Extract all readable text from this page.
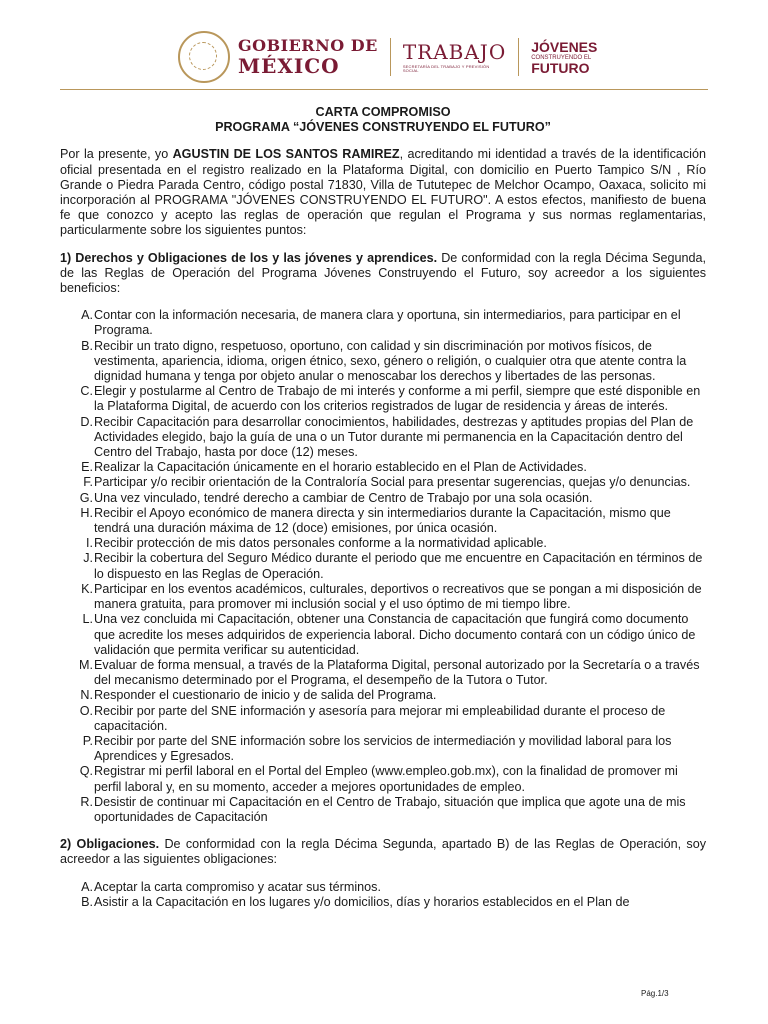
GOBIERNO DE
MÉXICO
TRABAJO
SECRETARÍA DEL TRABAJO Y PREVISIÓN SOCIAL
JÓVENES
CONSTRUYENDO EL
FUTURO

CARTA COMPROMISO

PROGRAMA “JÓVENES CONSTRUYENDO EL FUTURO”

Por la presente, yo AGUSTIN DE LOS SANTOS RAMIREZ, acreditando mi identidad a través de la identificación oficial presentada en el registro realizado en la Plataforma Digital, con domicilio en Puerto Tampico S/N , Río Grande o Piedra Parada Centro, código postal 71830, Villa de Tututepec de Melchor Ocampo, Oaxaca, solicito mi incorporación al PROGRAMA "JÓVENES CONSTRUYENDO EL FUTURO". A estos efectos, manifiesto de buena fe que conozco y acepto las reglas de operación que regulan el Programa y sus normas reglamentarias, particularmente sobre los siguientes puntos:

1) Derechos y Obligaciones de los y las jóvenes y aprendices. De conformidad con la regla Décima Segunda, de las Reglas de Operación del Programa Jóvenes Construyendo el Futuro, soy acreedor a los siguientes beneficios:

A. Contar con la información necesaria, de manera clara y oportuna, sin intermediarios, para participar en el Programa.
B. Recibir un trato digno, respetuoso, oportuno, con calidad y sin discriminación por motivos físicos, de vestimenta, apariencia, idioma, origen étnico, sexo, género o religión, o cualquier otra que atente contra la dignidad humana y tenga por objeto anular o menoscabar los derechos y libertades de las personas.
C. Elegir y postularme al Centro de Trabajo de mi interés y conforme a mi perfil, siempre que esté disponible en la Plataforma Digital, de acuerdo con los criterios registrados de lugar de residencia y áreas de interés.
D. Recibir Capacitación para desarrollar conocimientos, habilidades, destrezas y aptitudes propias del Plan de Actividades elegido, bajo la guía de una o un Tutor durante mi permanencia en la Capacitación dentro del Centro del Trabajo, hasta por doce (12) meses.
E. Realizar la Capacitación únicamente en el horario establecido en el Plan de Actividades.
F. Participar y/o recibir orientación de la Contraloría Social para presentar sugerencias, quejas y/o denuncias.
G. Una vez vinculado, tendré derecho a cambiar de Centro de Trabajo por una sola ocasión.
H. Recibir el Apoyo económico de manera directa y sin intermediarios durante la Capacitación, mismo que tendrá una duración máxima de 12 (doce) emisiones, por única ocasión.
I. Recibir protección de mis datos personales conforme a la normatividad aplicable.
J. Recibir la cobertura del Seguro Médico durante el periodo que me encuentre en Capacitación en términos de lo dispuesto en las Reglas de Operación.
K. Participar en los eventos académicos, culturales, deportivos o recreativos que se pongan a mi disposición de manera gratuita, para promover mi inclusión social y el uso óptimo de mi tiempo libre.
L. Una vez concluida mi Capacitación, obtener una Constancia de capacitación que fungirá como documento que acredite los meses adquiridos de experiencia laboral. Dicho documento contará con un código único de validación que permita verificar su autenticidad.
M. Evaluar de forma mensual, a través de la Plataforma Digital, personal autorizado por la Secretaría o a través del mecanismo determinado por el Programa, el desempeño de la Tutora o Tutor.
N. Responder el cuestionario de inicio y de salida del Programa.
O. Recibir por parte del SNE información y asesoría para mejorar mi empleabilidad durante el proceso de capacitación.
P. Recibir por parte del SNE información sobre los servicios de intermediación y movilidad laboral para los Aprendices y Egresados.
Q. Registrar mi perfil laboral en el Portal del Empleo (www.empleo.gob.mx), con la finalidad de promover mi perfil laboral y, en su momento, acceder a mejores oportunidades de empleo.
R. Desistir de continuar mi Capacitación en el Centro de Trabajo, situación que implica que agote una de mis oportunidades de Capacitación

2) Obligaciones. De conformidad con la regla Décima Segunda, apartado B) de las Reglas de Operación, soy acreedor a las siguientes obligaciones:

A. Aceptar la carta compromiso y acatar sus términos.
B. Asistir a la Capacitación en los lugares y/o domicilios, días y horarios establecidos en el Plan de
Pág.1/3
